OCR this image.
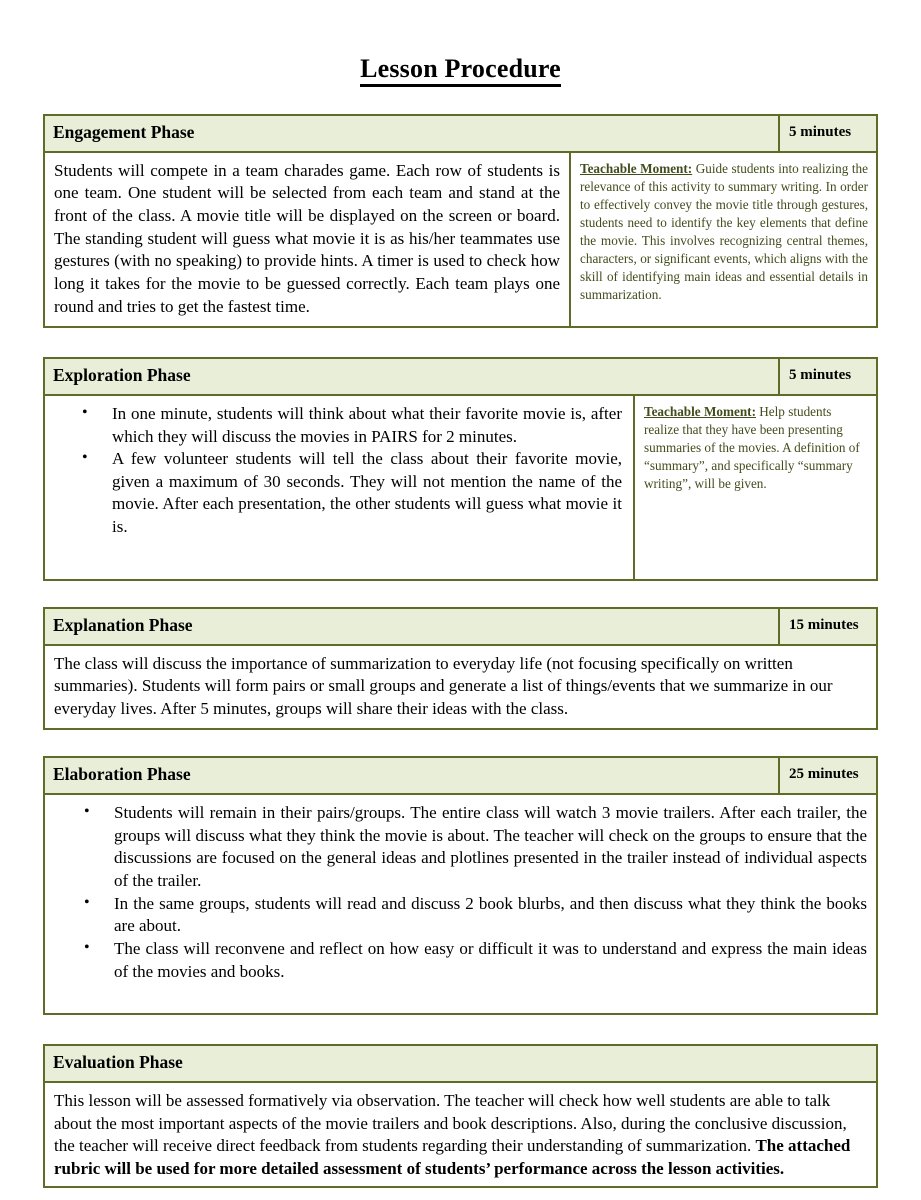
Lesson Procedure
Engagement Phase	5 minutes

Students will compete in a team charades game. Each row of students is one team. One student will be selected from each team and stand at the front of the class. A movie title will be displayed on the screen or board. The standing student will guess what movie it is as his/her teammates use gestures (with no speaking) to provide hints. A timer is used to check how long it takes for the movie to be guessed correctly. Each team plays one round and tries to get the fastest time.

Teachable Moment: Guide students into realizing the relevance of this activity to summary writing. In order to effectively convey the movie title through gestures, students need to identify the key elements that define the movie. This involves recognizing central themes, characters, or significant events, which aligns with the skill of identifying main ideas and essential details in summarization.

Exploration Phase	5 minutes
• In one minute, students will think about what their favorite movie is, after which they will discuss the movies in PAIRS for 2 minutes.
• A few volunteer students will tell the class about their favorite movie, given a maximum of 30 seconds. They will not mention the name of the movie. After each presentation, the other students will guess what movie it is.

Teachable Moment: Help students realize that they have been presenting summaries of the movies. A definition of “summary”, and specifically “summary writing”, will be given.

Explanation Phase	15 minutes

The class will discuss the importance of summarization to everyday life (not focusing specifically on written summaries). Students will form pairs or small groups and generate a list of things/events that we summarize in our everyday lives. After 5 minutes, groups will share their ideas with the class.

Elaboration Phase	25 minutes
• Students will remain in their pairs/groups. The entire class will watch 3 movie trailers. After each trailer, the groups will discuss what they think the movie is about. The teacher will check on the groups to ensure that the discussions are focused on the general ideas and plotlines presented in the trailer instead of individual aspects of the trailer.
• In the same groups, students will read and discuss 2 book blurbs, and then discuss what they think the books are about.
• The class will reconvene and reflect on how easy or difficult it was to understand and express the main ideas of the movies and books.
Evaluation Phase

This lesson will be assessed formatively via observation. The teacher will check how well students are able to talk about the most important aspects of the movie trailers and book descriptions. Also, during the conclusive discussion, the teacher will receive direct feedback from students regarding their understanding of summarization. The attached rubric will be used for more detailed assessment of students’ performance across the lesson activities.
